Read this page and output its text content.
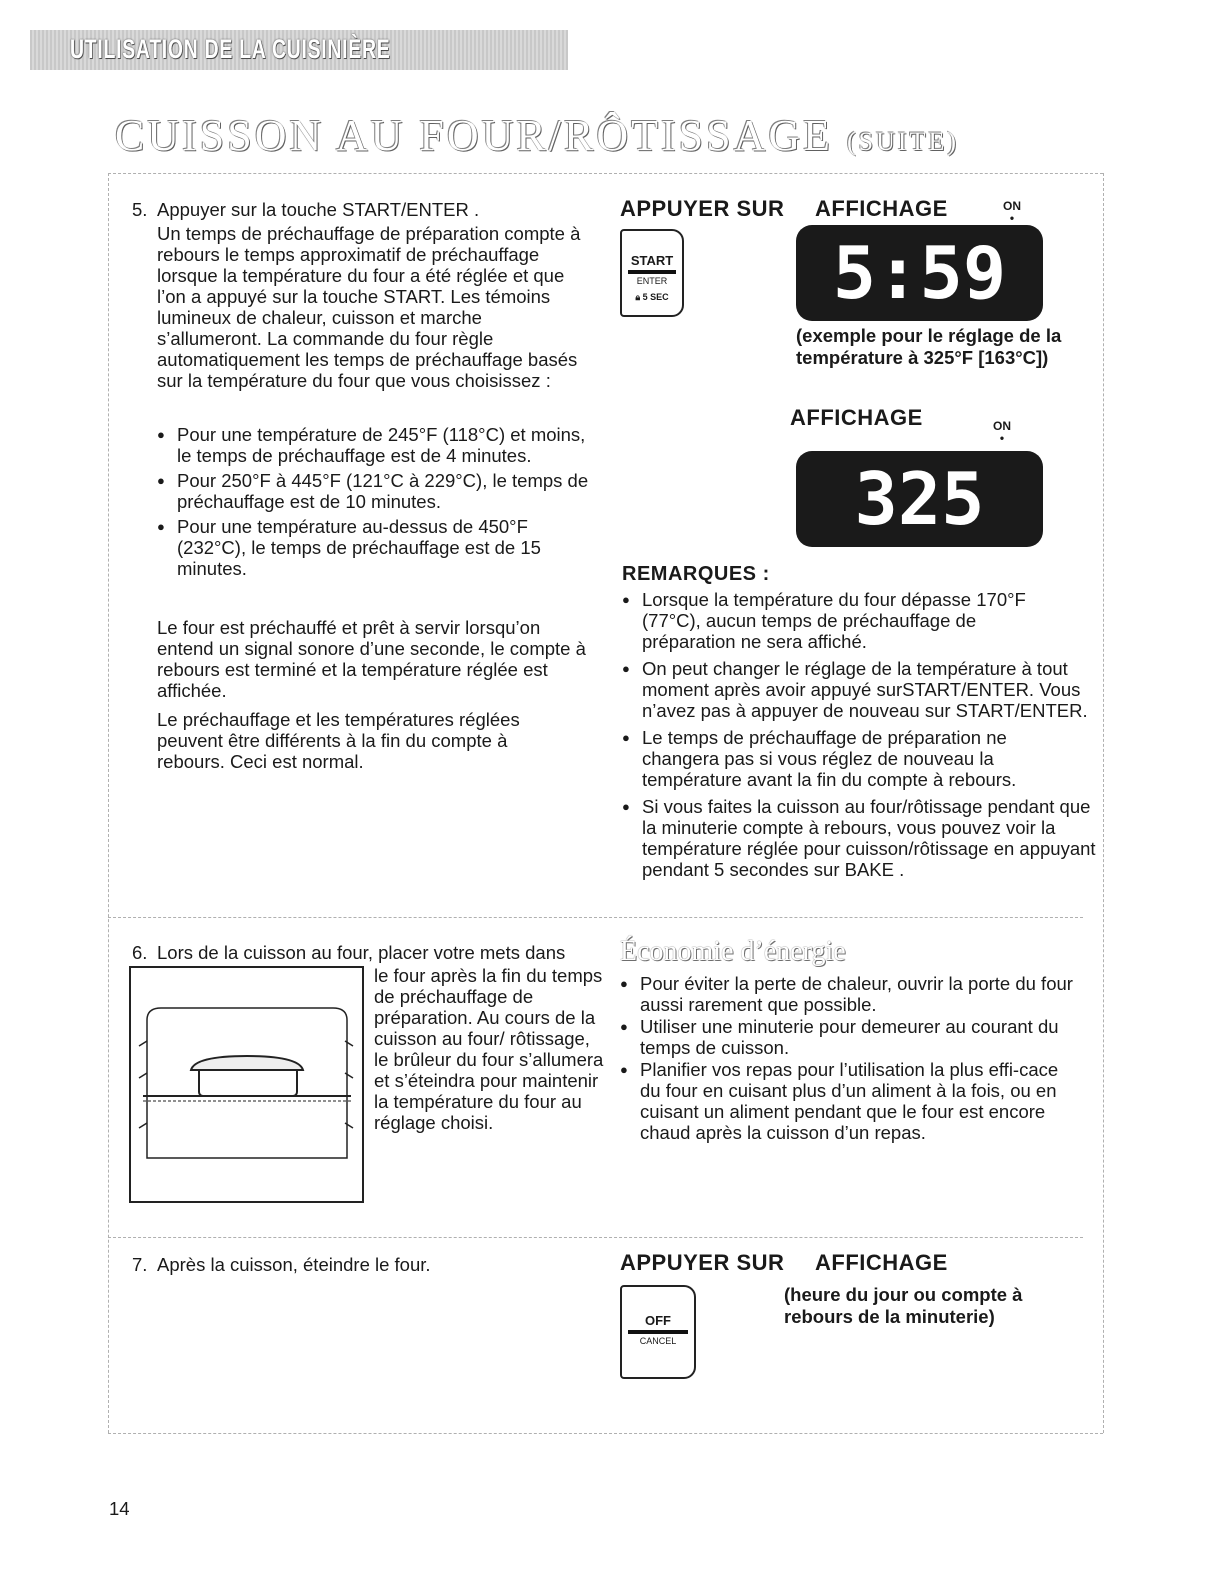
UTILISATION DE LA CUISINIÈRE
CUISSON AU FOUR/RÔTISSAGE (SUITE)
5. Appuyer sur la touche START/ENTER .
Un temps de préchauffage de préparation compte à rebours le temps approximatif de préchauffage lorsque la température du four a été réglée et que l’on a appuyé sur la touche START. Les témoins lumineux de chaleur, cuisson et marche s’allumeront. La commande du four règle automatiquement les temps de préchauffage basés sur la température du four que vous choisissez :
● Pour une température de 245°F (118°C) et moins, le temps de préchauffage est de 4 minutes.
● Pour 250°F à 445°F (121°C à 229°C), le temps de préchauffage est de 10 minutes.
● Pour une température au-dessus de 450°F (232°C), le temps de préchauffage est de 15 minutes.
Le four est préchauffé et prêt à servir lorsqu’on entend un signal sonore d’une seconde, le compte à rebours est terminé et la température réglée est affichée.
Le préchauffage et les températures réglées peuvent être différents à la fin du compte à rebours. Ceci est normal.
APPUYER SUR AFFICHAGE	ON
•
START
ENTER
🔒︎ 5 SEC	5:59
(exemple pour le réglage de la température à 325°F [163°C])
AFFICHAGE	ON
•
325
REMARQUES :
● Lorsque la température du four dépasse 170°F (77°C), aucun temps de préchauffage de préparation ne sera affiché.
● On peut changer le réglage de la température à tout moment après avoir appuyé surSTART/ENTER. Vous n’avez pas à appuyer de nouveau sur START/ENTER.
● Le temps de préchauffage de préparation ne changera pas si vous réglez de nouveau la température avant la fin du compte à rebours.
● Si vous faites la cuisson au four/rôtissage pendant que la minuterie compte à rebours, vous pouvez voir la température réglée pour cuisson/rôtissage en appuyant pendant 5 secondes sur BAKE .
6. Lors de la cuisson au four, placer votre mets dans
le four après la fin du temps de préchauffage de préparation. Au cours de la cuisson au four/ rôtissage, le brûleur du four s’allumera et s’éteindra pour maintenir la température du four au réglage choisi.
Économie d’énergie
● Pour éviter la perte de chaleur, ouvrir la porte du four aussi rarement que possible.
● Utiliser une minuterie pour demeurer au courant du temps de cuisson.
● Planifier vos repas pour l’utilisation la plus effi-cace du four en cuisant plus d’un aliment à la fois, ou en cuisant un aliment pendant que le four est encore chaud après la cuisson d’un repas.
7. Après la cuisson, éteindre le four.	APPUYER SUR AFFICHAGE
OFF
CANCEL
(heure du jour ou compte à rebours de la minuterie)
14
